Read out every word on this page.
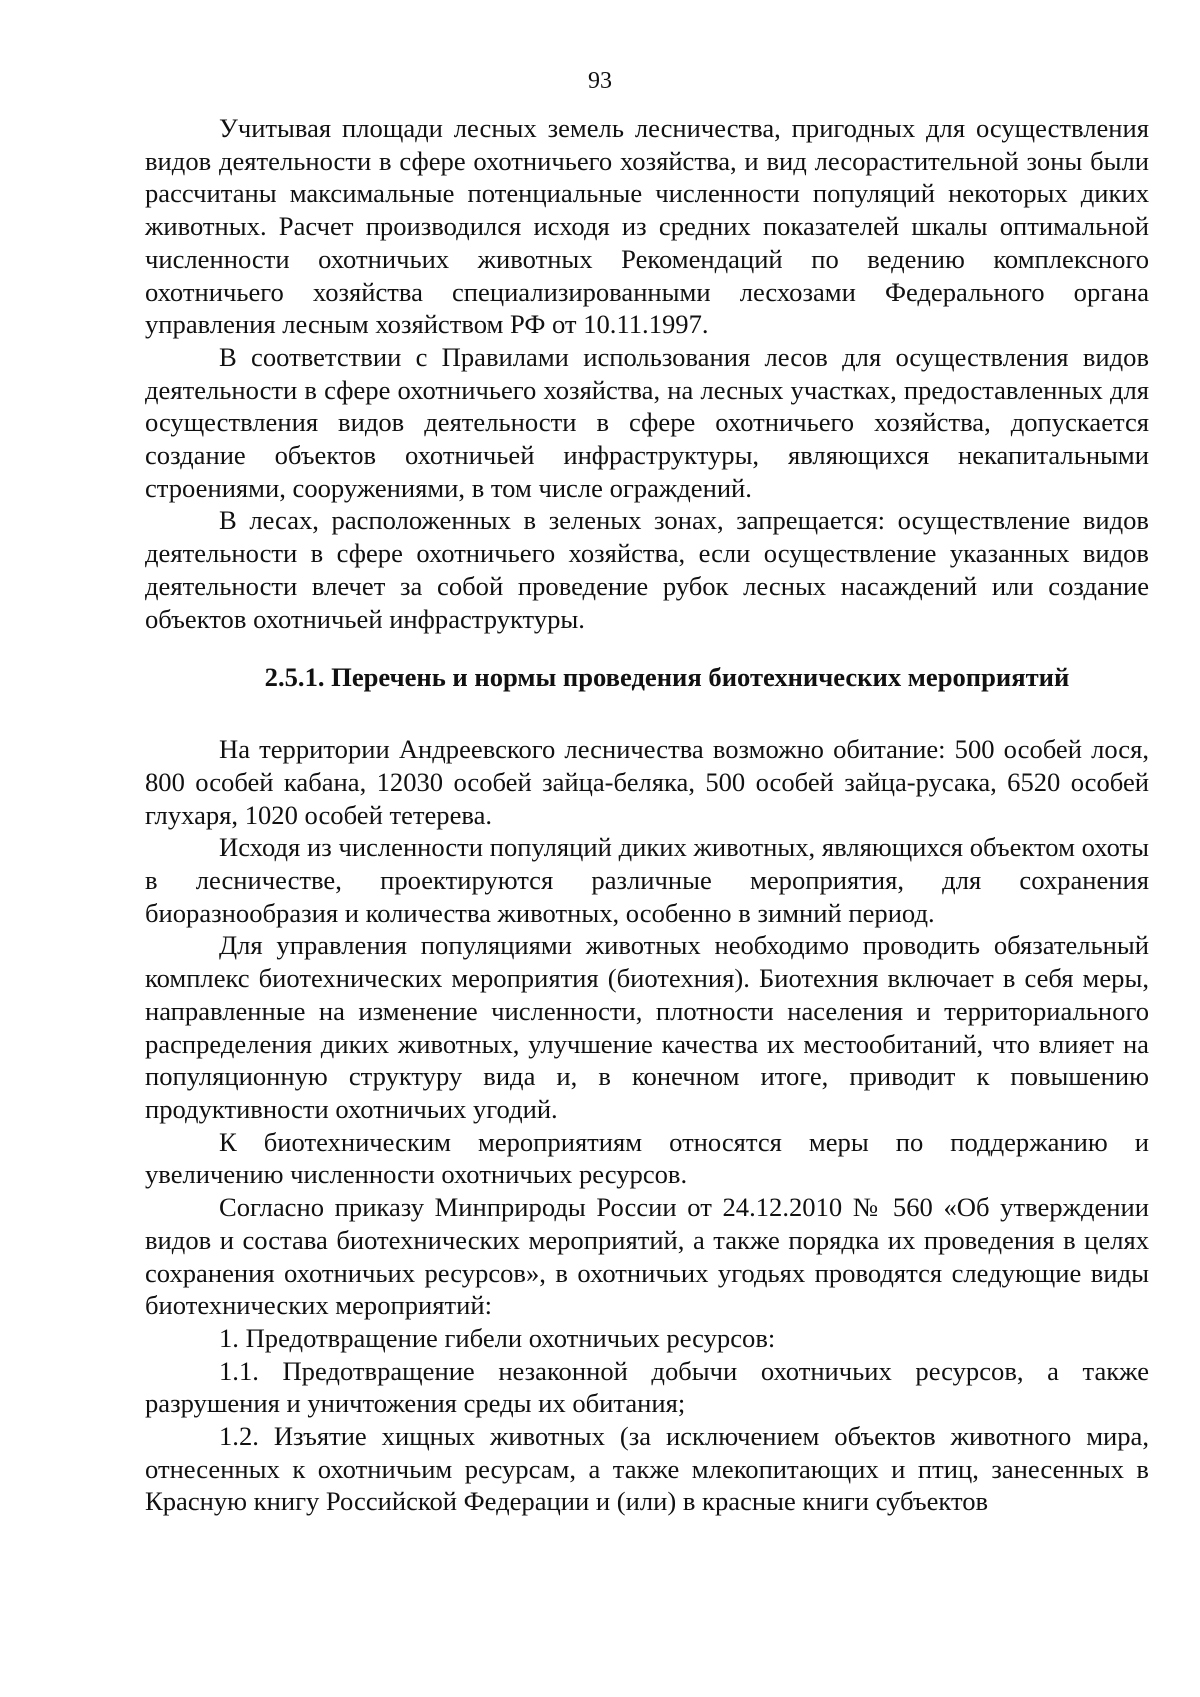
93

Учитывая площади лесных земель лесничества, пригодных для осуществления видов деятельности в сфере охотничьего хозяйства, и вид лесорастительной зоны были рассчитаны максимальные потенциальные численности популяций некоторых диких животных. Расчет производился исходя из средних показателей шкалы оптимальной численности охотничьих животных Рекомендаций по ведению комплексного охотничьего хозяйства специализированными лесхозами Федерального органа управления лесным хозяйством РФ от 10.11.1997.

В соответствии с Правилами использования лесов для осуществления видов деятельности в сфере охотничьего хозяйства, на лесных участках, предоставленных для осуществления видов деятельности в сфере охотничьего хозяйства, допускается создание объектов охотничьей инфраструктуры, являющихся некапитальными строениями, сооружениями, в том числе ограждений.

В лесах, расположенных в зеленых зонах, запрещается: осуществление видов деятельности в сфере охотничьего хозяйства, если осуществление указанных видов деятельности влечет за собой проведение рубок лесных насаждений или создание объектов охотничьей инфраструктуры.

2.5.1. Перечень и нормы проведения биотехнических мероприятий

На территории Андреевского лесничества возможно обитание: 500 особей лося, 800 особей кабана, 12030 особей зайца-беляка, 500 особей зайца-русака, 6520 особей глухаря, 1020 особей тетерева.

Исходя из численности популяций диких животных, являющихся объектом охоты в лесничестве, проектируются различные мероприятия, для сохранения биоразнообразия и количества животных, особенно в зимний период.

Для управления популяциями животных необходимо проводить обязательный комплекс биотехнических мероприятия (биотехния). Биотехния включает в себя меры, направленные на изменение численности, плотности населения и территориального распределения диких животных, улучшение качества их местообитаний, что влияет на популяционную структуру вида и, в конечном итоге, приводит к повышению продуктивности охотничьих угодий.

К биотехническим мероприятиям относятся меры по поддержанию и увеличению численности охотничьих ресурсов.

Согласно приказу Минприроды России от 24.12.2010 № 560 «Об утверждении видов и состава биотехнических мероприятий, а также порядка их проведения в целях сохранения охотничьих ресурсов», в охотничьих угодьях проводятся следующие виды биотехнических мероприятий:

1. Предотвращение гибели охотничьих ресурсов:

1.1. Предотвращение незаконной добычи охотничьих ресурсов, а также разрушения и уничтожения среды их обитания;

1.2. Изъятие хищных животных (за исключением объектов животного мира, отнесенных к охотничьим ресурсам, а также млекопитающих и птиц, занесенных в Красную книгу Российской Федерации и (или) в красные книги субъектов
